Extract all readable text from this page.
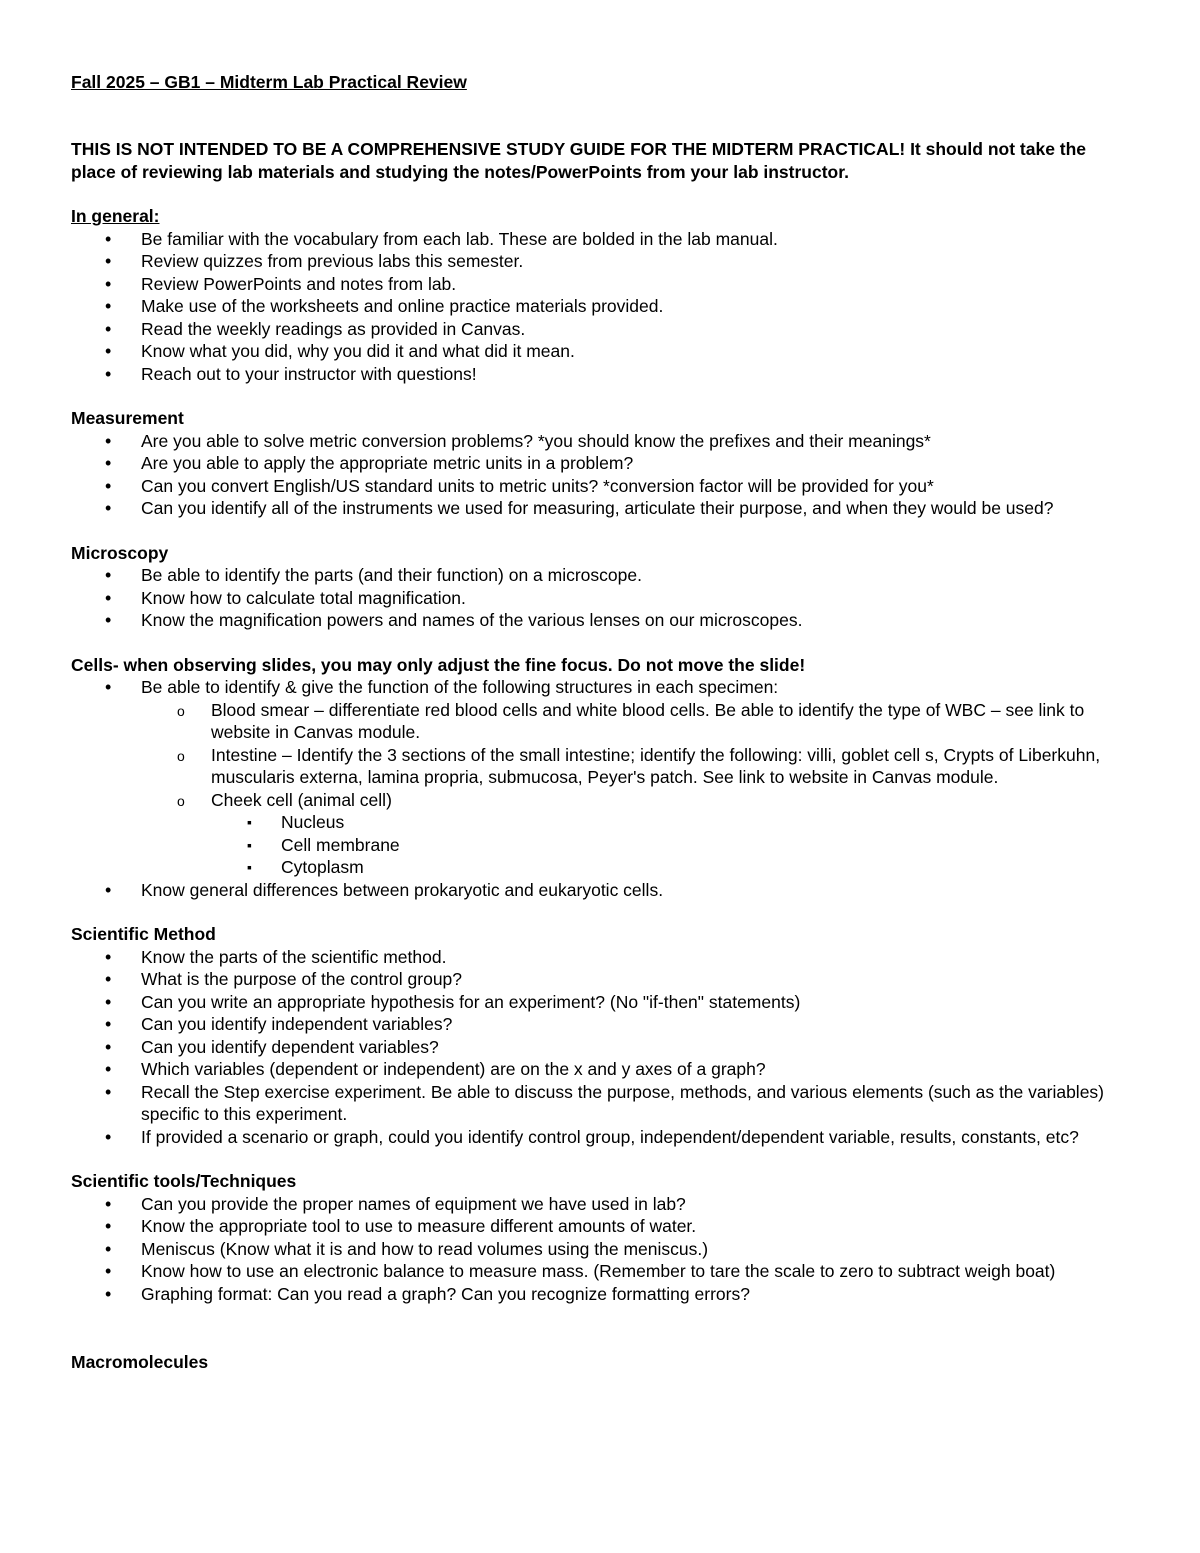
Fall 2025 – GB1 – Midterm Lab Practical Review

THIS IS NOT INTENDED TO BE A COMPREHENSIVE STUDY GUIDE FOR THE MIDTERM PRACTICAL! It should not take the place of reviewing lab materials and studying the notes/PowerPoints from your lab instructor.

In general:

• Be familiar with the vocabulary from each lab. These are bolded in the lab manual.
• Review quizzes from previous labs this semester.
• Review PowerPoints and notes from lab.
• Make use of the worksheets and online practice materials provided.
• Read the weekly readings as provided in Canvas.
• Know what you did, why you did it and what did it mean.
• Reach out to your instructor with questions!

Measurement

• Are you able to solve metric conversion problems? *you should know the prefixes and their meanings*
• Are you able to apply the appropriate metric units in a problem?
• Can you convert English/US standard units to metric units? *conversion factor will be provided for you*
• Can you identify all of the instruments we used for measuring, articulate their purpose, and when they would be used?

Microscopy

• Be able to identify the parts (and their function) on a microscope.
• Know how to calculate total magnification.
• Know the magnification powers and names of the various lenses on our microscopes.

Cells- when observing slides, you may only adjust the fine focus. Do not move the slide!

• Be able to identify & give the function of the following structures in each specimen:
o Blood smear – differentiate red blood cells and white blood cells. Be able to identify the type of WBC – see link to website in Canvas module.
o Intestine – Identify the 3 sections of the small intestine; identify the following: villi, goblet cell s, Crypts of Liberkuhn, muscularis externa, lamina propria, submucosa, Peyer's patch. See link to website in Canvas module.
o Cheek cell (animal cell)
▪ Nucleus
▪ Cell membrane
▪ Cytoplasm
• Know general differences between prokaryotic and eukaryotic cells.

Scientific Method

• Know the parts of the scientific method.
• What is the purpose of the control group?
• Can you write an appropriate hypothesis for an experiment? (No "if-then" statements)
• Can you identify independent variables?
• Can you identify dependent variables?
• Which variables (dependent or independent) are on the x and y axes of a graph?
• Recall the Step exercise experiment. Be able to discuss the purpose, methods, and various elements (such as the variables) specific to this experiment.
• If provided a scenario or graph, could you identify control group, independent/dependent variable, results, constants, etc?

Scientific tools/Techniques

• Can you provide the proper names of equipment we have used in lab?
• Know the appropriate tool to use to measure different amounts of water.
• Meniscus (Know what it is and how to read volumes using the meniscus.)
• Know how to use an electronic balance to measure mass. (Remember to tare the scale to zero to subtract weigh boat)
• Graphing format: Can you read a graph? Can you recognize formatting errors?

Macromolecules
